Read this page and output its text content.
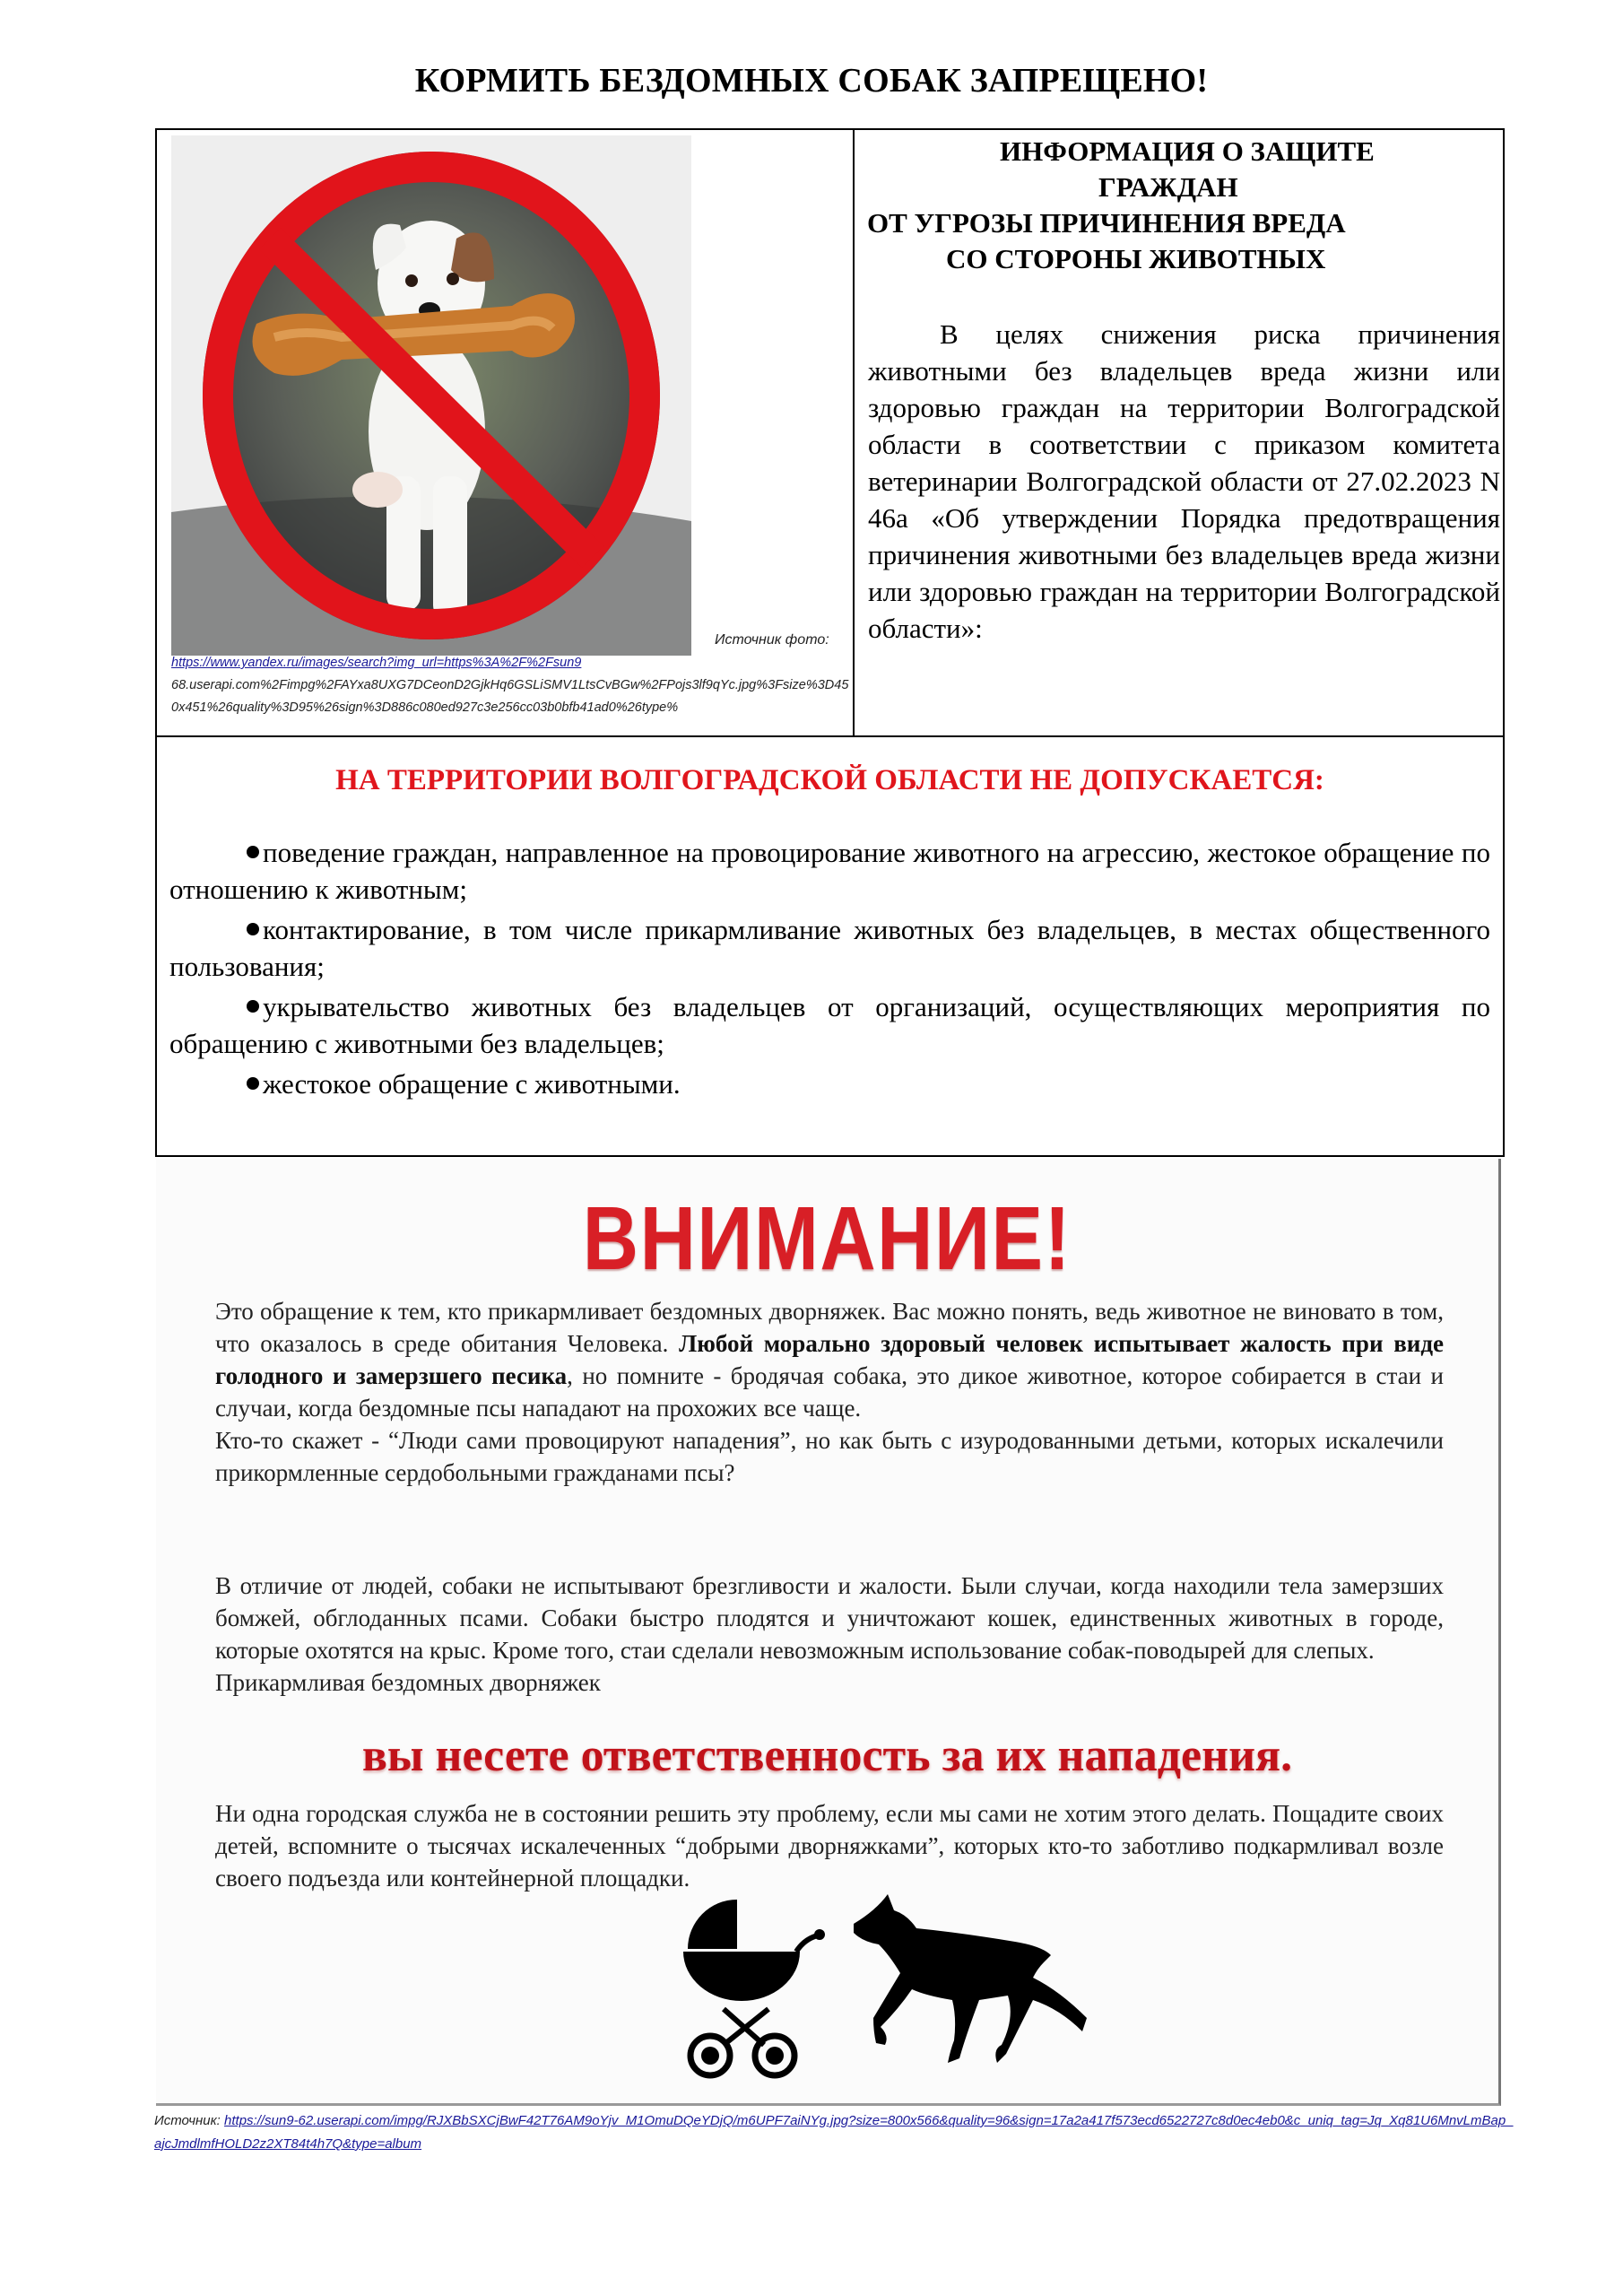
КОРМИТЬ БЕЗДОМНЫХ СОБАК ЗАПРЕЩЕНО!
Источник фото:
https://www.yandex.ru/images/search?img_url=https%3A%2F%2Fsun9
68.userapi.com%2Fimpg%2FAYxa8UXG7DCeonD2GjkHq6GSLiSMV1LtsCvBGw%2FPojs3lf9qYc.jpg%3Fsize%3D450x451%26quality%3D95%26sign%3D886c080ed927c3e256cc03b0bfb41ad0%26type%
ИНФОРМАЦИЯ О ЗАЩИТЕ
ГРАЖДАН
ОТ УГРОЗЫ ПРИЧИНЕНИЯ ВРЕДА
СО СТОРОНЫ ЖИВОТНЫХ
В целях снижения риска причинения животными без владельцев вреда жизни или здоровью граждан на территории Волгоградской области в соответствии с приказом комитета ветеринарии Волгоградской области от 27.02.2023 N 46а «Об утверждении Порядка предотвращения причинения животными без владельцев вреда жизни или здоровью граждан на территории Волгоградской области»:
НА ТЕРРИТОРИИ ВОЛГОГРАДСКОЙ ОБЛАСТИ НЕ ДОПУСКАЕТСЯ:
поведение граждан, направленное на провоцирование животного на агрессию, жестокое обращение по отношению к животным;
контактирование, в том числе прикармливание животных без владельцев, в местах общественного пользования;
укрывательство животных без владельцев от организаций, осуществляющих мероприятия по обращению с животными без владельцев;
жестокое обращение с животными.
ВНИМАНИЕ!
Это обращение к тем, кто прикармливает бездомных дворняжек. Вас можно понять, ведь животное не виновато в том, что оказалось в среде обитания Человека. Любой морально здоровый человек испытывает жалость при виде голодного и замерзшего песика, но помните - бродячая собака, это дикое животное, которое собирается в стаи и случаи, когда бездомные псы нападают на прохожих все чаще.
Кто-то скажет - “Люди сами провоцируют нападения”, но как быть с изуродованными детьми, которых искалечили прикормленные сердобольными гражданами псы?
В отличие от людей, собаки не испытывают брезгливости и жалости. Были случаи, когда находили тела замерзших бомжей, обглоданных псами. Собаки быстро плодятся и уничтожают кошек, единственных животных в городе, которые охотятся на крыс. Кроме того, стаи сделали невозможным использование собак-поводырей для слепых.
Прикармливая бездомных дворняжек
вы несете ответственность за их нападения.
Ни одна городская служба не в состоянии решить эту проблему, если мы сами не хотим этого делать. Пощадите своих детей, вспомните о тысячах искалеченных “добрыми дворняжками”, которых кто-то заботливо подкармливал возле своего подъезда или контейнерной площадки.
Источник: https://sun9-62.userapi.com/impg/RJXBbSXCjBwF42T76AM9oYjv_M1OmuDQeYDjQ/m6UPF7aiNYg.jpg?size=800x566&quality=96&sign=17a2a417f573ecd6522727c8d0ec4eb0&c_uniq_tag=Jq_Xq81U6MnvLmBap_ajcJmdlmfHOLD2z2XT84t4h7Q&type=album
